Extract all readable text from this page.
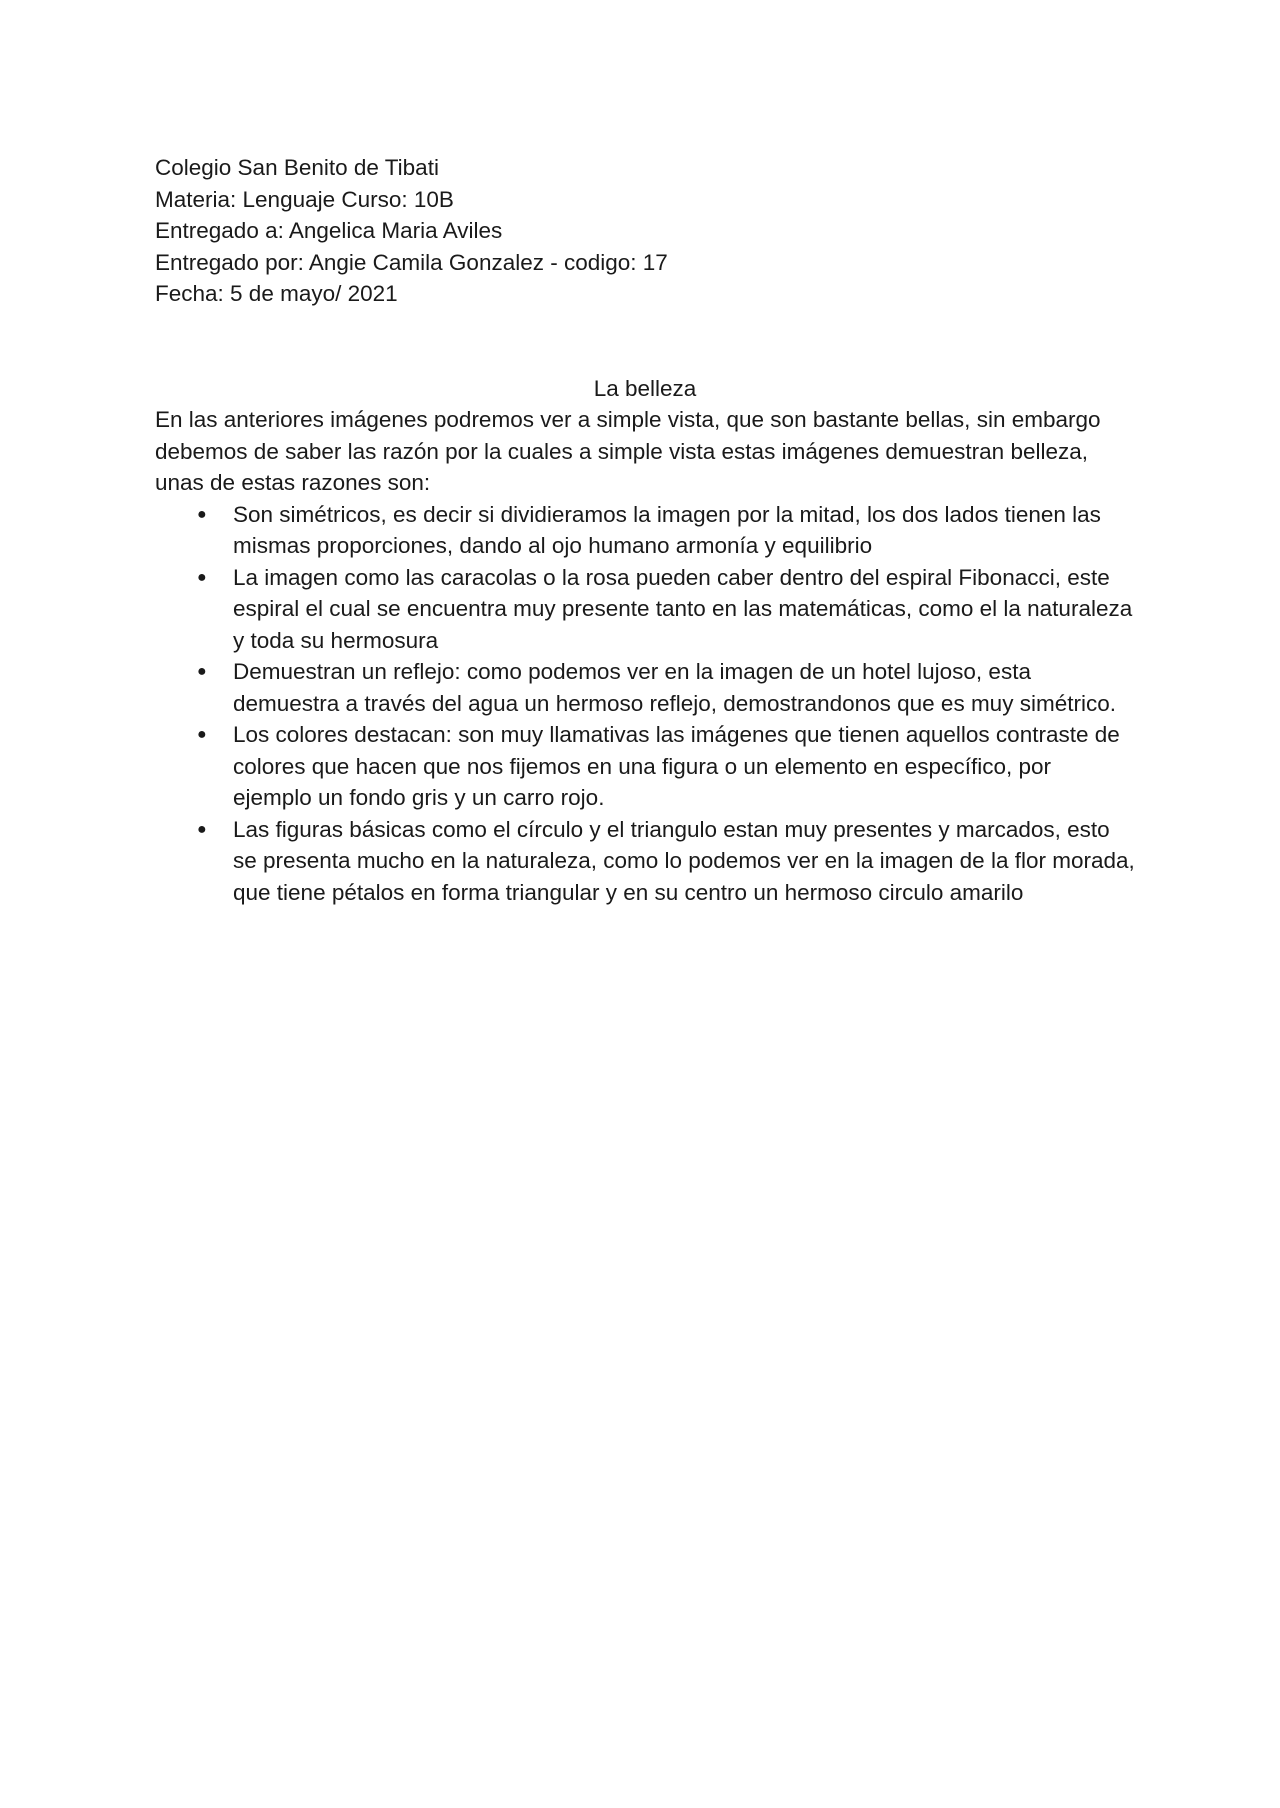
Colegio San Benito de Tibati

Materia: Lenguaje Curso: 10B

Entregado a: Angelica Maria Aviles

Entregado por: Angie Camila Gonzalez - codigo: 17

Fecha: 5 de mayo/ 2021

La belleza

En las anteriores imágenes podremos ver a simple vista, que son bastante bellas, sin embargo debemos de saber las razón por la cuales a simple vista estas imágenes demuestran belleza, unas de estas razones son:

● Son simétricos, es decir si dividieramos la imagen por la mitad, los dos lados tienen las mismas proporciones, dando al ojo humano armonía y equilibrio
● La imagen como las caracolas o la rosa pueden caber dentro del espiral Fibonacci, este espiral el cual se encuentra muy presente tanto en las matemáticas, como el la naturaleza y toda su hermosura
● Demuestran un reflejo: como podemos ver en la imagen de un hotel lujoso, esta demuestra a través del agua un hermoso reflejo, demostrandonos que es muy simétrico.
● Los colores destacan: son muy llamativas las imágenes que tienen aquellos contraste de colores que hacen que nos fijemos en una figura o un elemento en específico, por ejemplo un fondo gris y un carro rojo.
● Las figuras básicas como el círculo y el triangulo estan muy presentes y marcados, esto se presenta mucho en la naturaleza, como lo podemos ver en la imagen de la flor morada, que tiene pétalos en forma triangular y en su centro un hermoso circulo amarilo
